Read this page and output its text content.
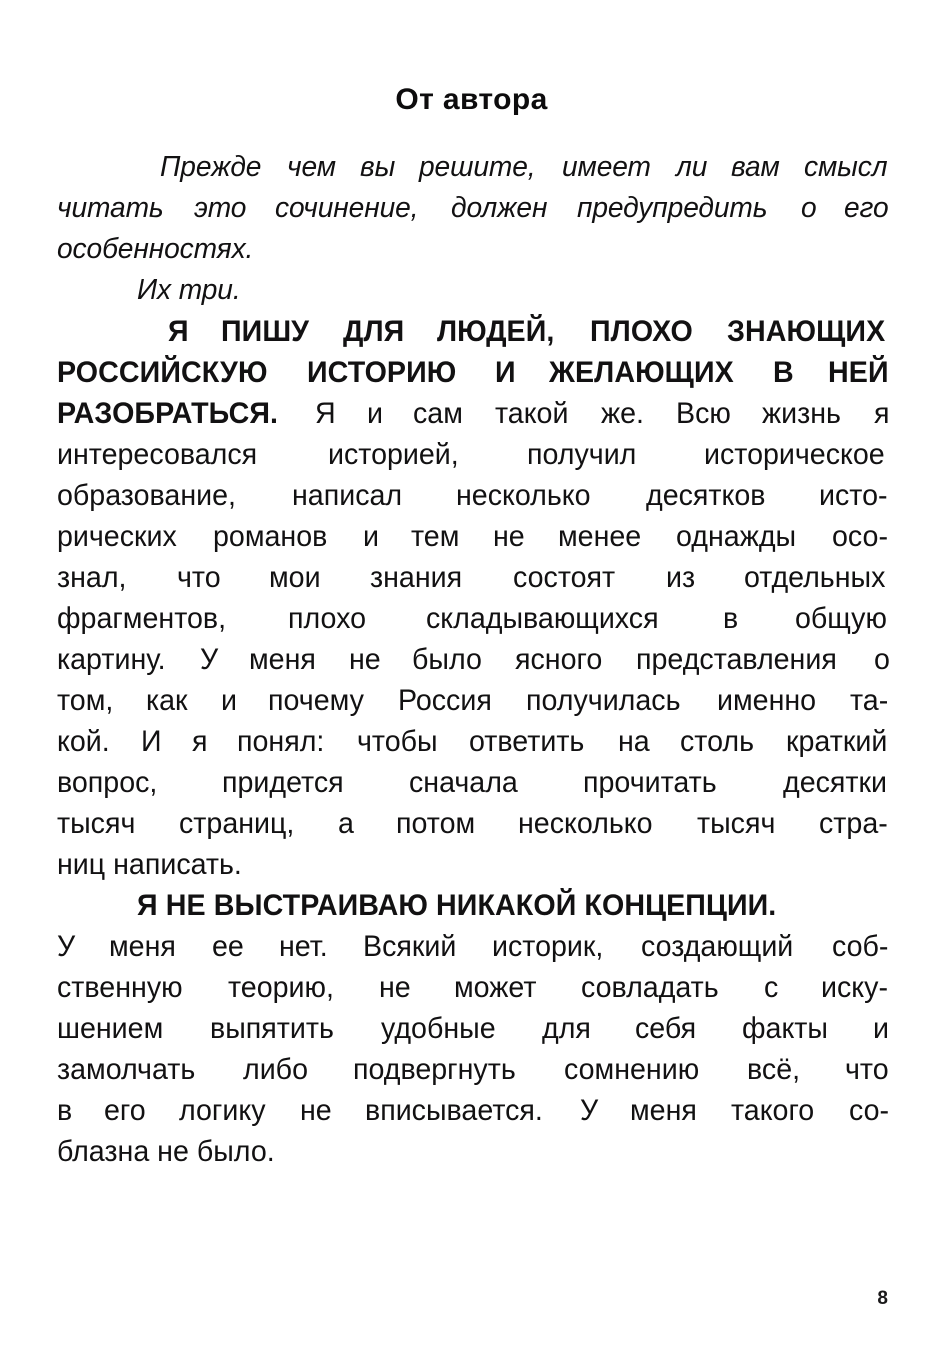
От автора
Прежде чем вы решите, имеет ли вам смысл
читать это сочинение, должен предупредить о его
особенностях.
Их три.
Я ПИШУ ДЛЯ ЛЮДЕЙ, ПЛОХО ЗНАЮЩИХ
РОССИЙСКУЮ ИСТОРИЮ И ЖЕЛАЮЩИХ В НЕЙ
РАЗОБРАТЬСЯ. Я и сам такой же. Всю жизнь я
интересовался историей, получил историческое
образование, написал несколько десятков исто-
рических романов и тем не менее однажды осо-
знал, что мои знания состоят из отдельных
фрагментов, плохо складывающихся в общую
картину. У меня не было ясного представления о
том, как и почему Россия получилась именно та-
кой. И я понял: чтобы ответить на столь краткий
вопрос, придется сначала прочитать десятки
тысяч страниц, а потом несколько тысяч стра-
ниц написать.
Я НЕ ВЫСТРАИВАЮ НИКАКОЙ КОНЦЕПЦИИ.
У меня ее нет. Всякий историк, создающий соб-
ственную теорию, не может совладать с иску-
шением выпятить удобные для себя факты и
замолчать либо подвергнуть сомнению всё, что
в его логику не вписывается. У меня такого со-
блазна не было.
8
